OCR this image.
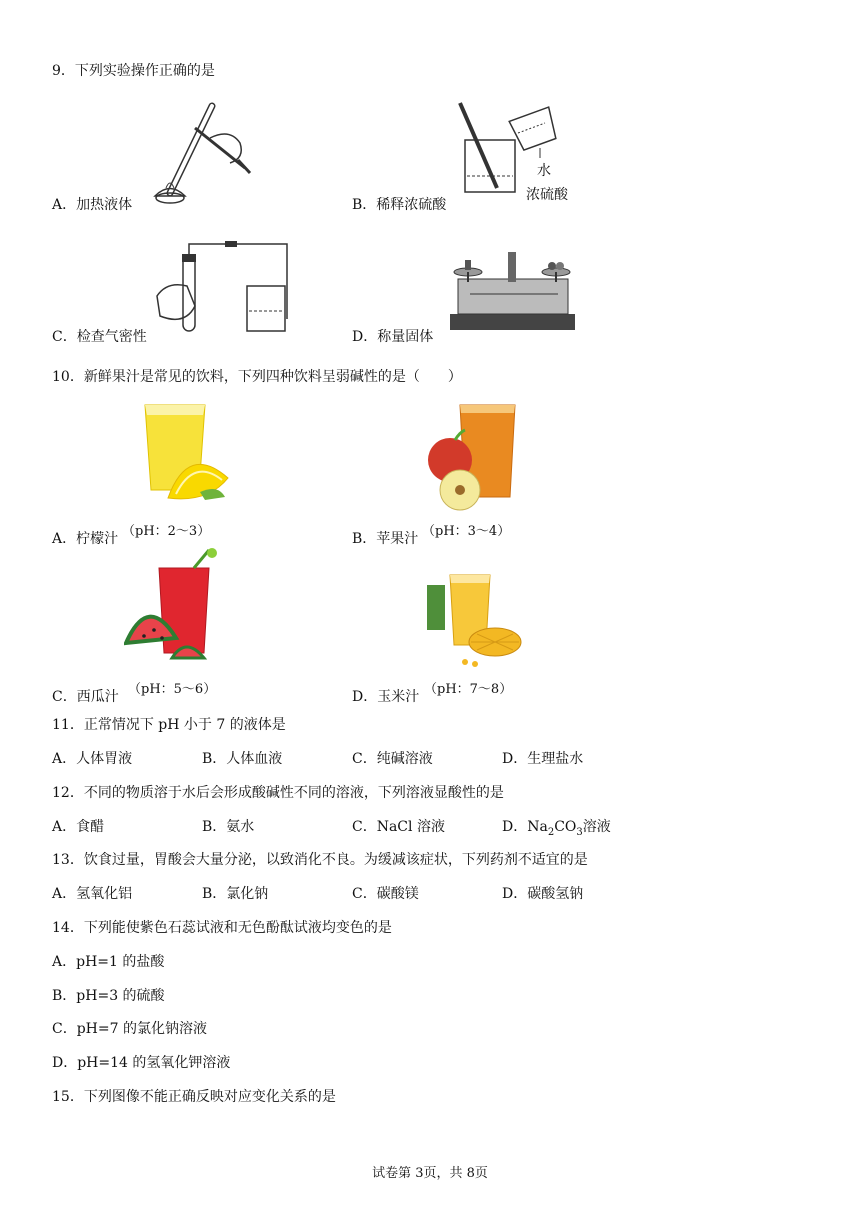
9．下列实验操作正确的是
A．加热液体
水
浓硫酸
B．稀释浓硫酸
C．检查气密性	D．称量固体
10．新鲜果汁是常见的饮料，下列四种饮料呈弱碱性的是（　　）
A．柠檬汁 （pH：2～3）	B．苹果汁 （pH：3～4）
C．西瓜汁 （pH：5～6）	D．玉米汁 （pH：7～8）
11．正常情况下 pH 小于 7 的液体是
A．人体胃液	B．人体血液	C．纯碱溶液	D．生理盐水
12．不同的物质溶于水后会形成酸碱性不同的溶液，下列溶液显酸性的是
A．食醋	B．氨水	C．NaCl 溶液	D．$Na_2CO_3$溶液
13．饮食过量，胃酸会大量分泌，以致消化不良。为缓减该症状，下列药剂不适宜的是
A．氢氧化铝	B．氯化钠	C．碳酸镁	D．碳酸氢钠
14．下列能使紫色石蕊试液和无色酚酞试液均变色的是
A．pH=1 的盐酸
B．pH=3 的硫酸
C．pH=7 的氯化钠溶液
D．pH=14 的氢氧化钾溶液
15．下列图像不能正确反映对应变化关系的是
试卷第 3页，共 8页
